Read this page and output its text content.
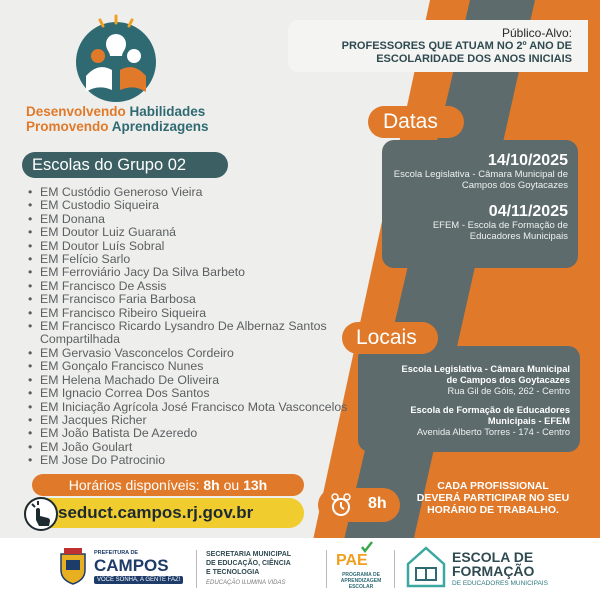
Desenvolvendo Habilidades
Promovendo Aprendizagens
Público-Alvo:
PROFESSORES QUE ATUAM NO 2º ANO DE
ESCOLARIDADE DOS ANOS INICIAIS
Escolas do Grupo 02
• EM Custódio Generoso Vieira
• EM Custodio Siqueira
• EM Donana
• EM Doutor Luiz Guaraná
• EM Doutor Luís Sobral
• EM Felício Sarlo
• EM Ferroviário Jacy Da Silva Barbeto
• EM Francisco De Assis
• EM Francisco Faria Barbosa
• EM Francisco Ribeiro Siqueira
• EM Francisco Ricardo Lysandro De Albernaz Santos
Compartilhada
• EM Gervasio Vasconcelos Cordeiro
• EM Gonçalo Francisco Nunes
• EM Helena Machado De Oliveira
• EM Ignacio Correa Dos Santos
• EM Iniciação Agrícola José Francisco Mota Vasconcelos
• EM Jacques Richer
• EM João Batista De Azeredo
• EM João Goulart
• EM Jose Do Patrocinio
14/10/2025
Escola Legislativa - Câmara Municipal de
Campos dos Goytacazes
04/11/2025
EFEM - Escola de Formação de
Educadores Municipais
Datas
Escola Legislativa - Câmara Municipal
de Campos dos Goytacazes
Rua Gil de Góis, 262 - Centro
Escola de Formação de Educadores
Municipais - EFEM
Avenida Alberto Torres - 174 - Centro
Locais
Horários disponíveis: 8h ou 13h
seduct.campos.rj.gov.br	8h
CADA PROFISSIONAL
DEVERÁ PARTICIPAR NO SEU
HORÁRIO DE TRABALHO.
PREFEITURA DE
CAMPOS
VOCÊ SONHA, A GENTE FAZ!
SECRETARIA MUNICIPAL
DE EDUCAÇÃO, CIÊNCIA
E TECNOLOGIA
EDUCAÇÃO ILUMINA VIDAS
PAE
PROGRAMA DE
APRENDIZAGEM ESCOLAR
ESCOLA DE
FORMAÇÃO
DE EDUCADORES MUNICIPAIS
